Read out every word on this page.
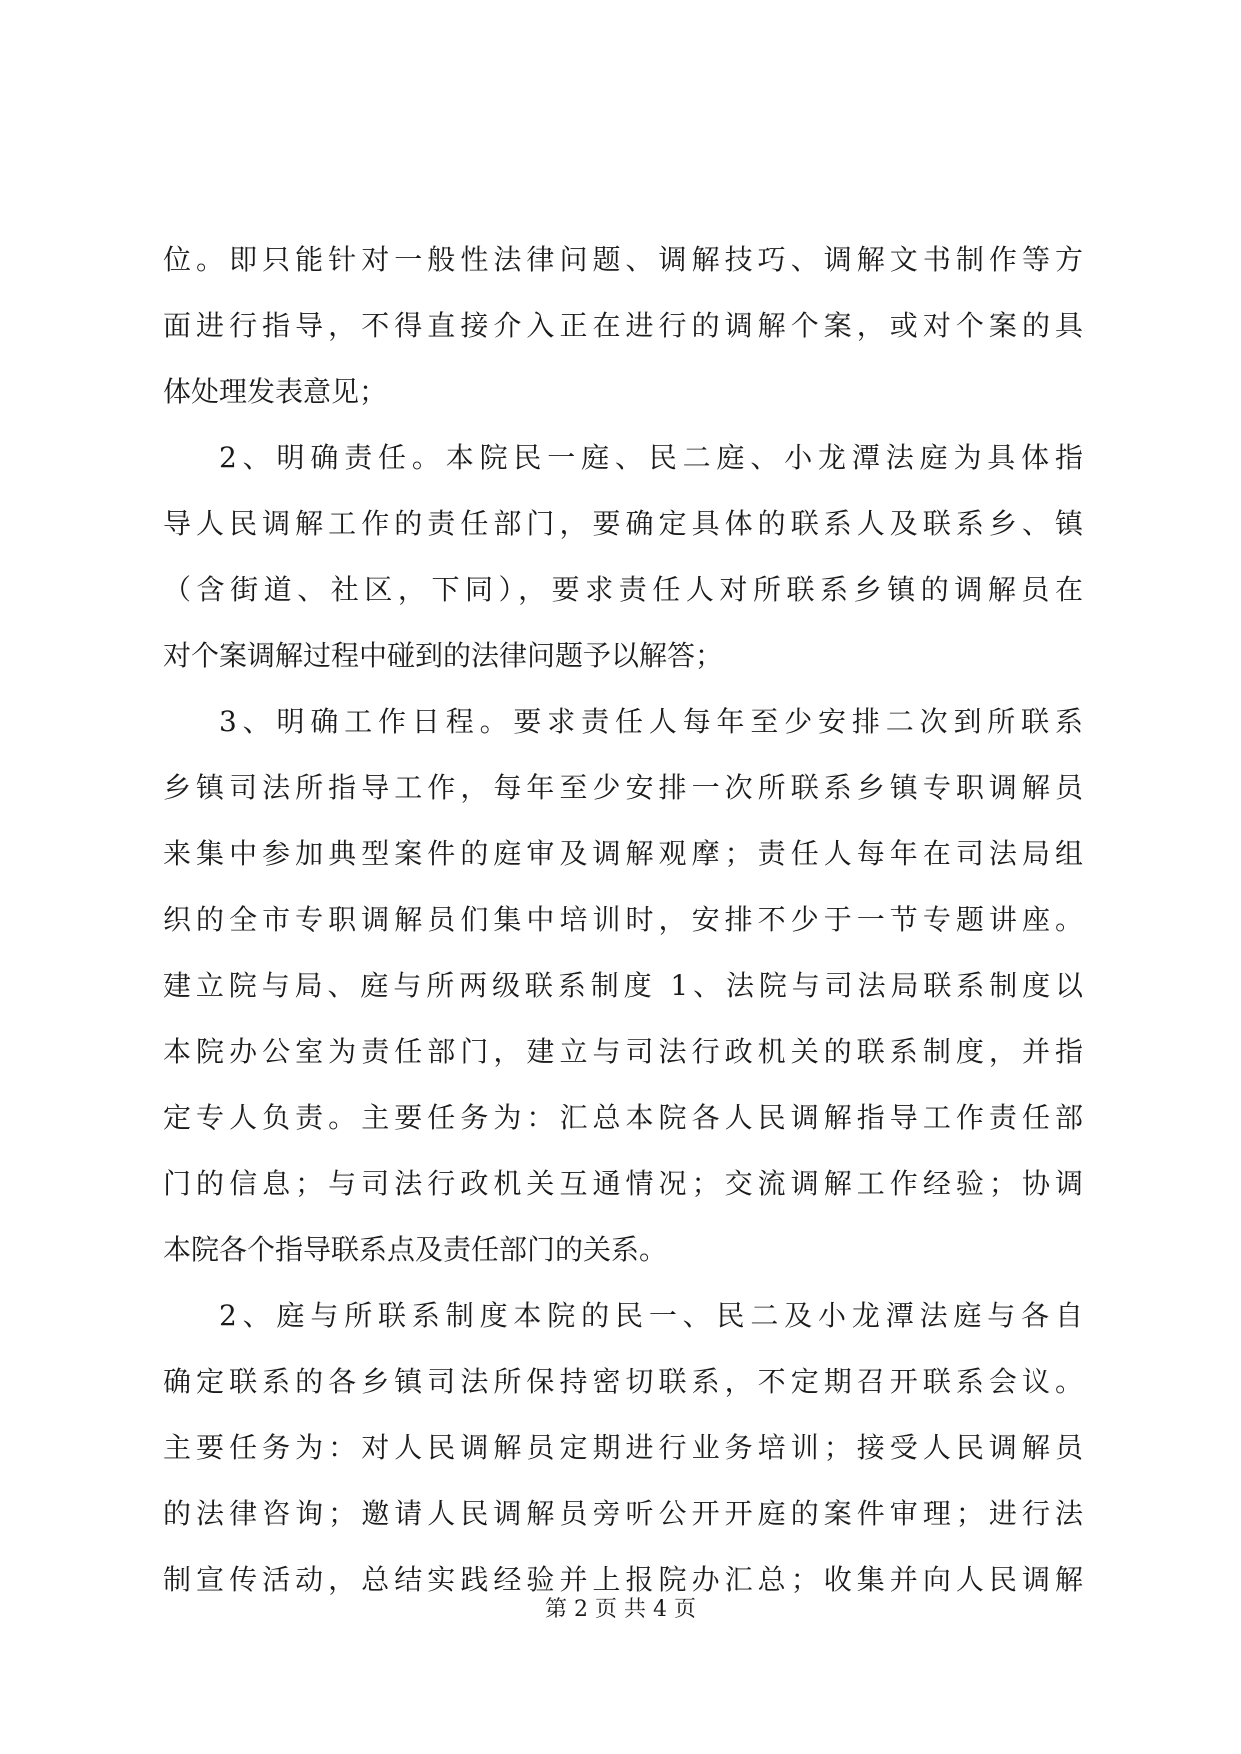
位。即只能针对一般性法律问题、调解技巧、调解文书制作等方
面进行指导，不得直接介入正在进行的调解个案，或对个案的具
体处理发表意见；
2、明确责任。本院民一庭、民二庭、小龙潭法庭为具体指
导人民调解工作的责任部门，要确定具体的联系人及联系乡、镇
（含街道、社区，下同），要求责任人对所联系乡镇的调解员在
对个案调解过程中碰到的法律问题予以解答；
3、明确工作日程。要求责任人每年至少安排二次到所联系
乡镇司法所指导工作，每年至少安排一次所联系乡镇专职调解员
来集中参加典型案件的庭审及调解观摩；责任人每年在司法局组
织的全市专职调解员们集中培训时，安排不少于一节专题讲座。
建立院与局、庭与所两级联系制度 1、法院与司法局联系制度以
本院办公室为责任部门，建立与司法行政机关的联系制度，并指
定专人负责。主要任务为：汇总本院各人民调解指导工作责任部
门的信息；与司法行政机关互通情况；交流调解工作经验；协调
本院各个指导联系点及责任部门的关系。
2、庭与所联系制度本院的民一、民二及小龙潭法庭与各自
确定联系的各乡镇司法所保持密切联系，不定期召开联系会议。
主要任务为：对人民调解员定期进行业务培训；接受人民调解员
的法律咨询；邀请人民调解员旁听公开开庭的案件审理；进行法
制宣传活动，总结实践经验并上报院办汇总；收集并向人民调解
第 2 页 共 4 页
